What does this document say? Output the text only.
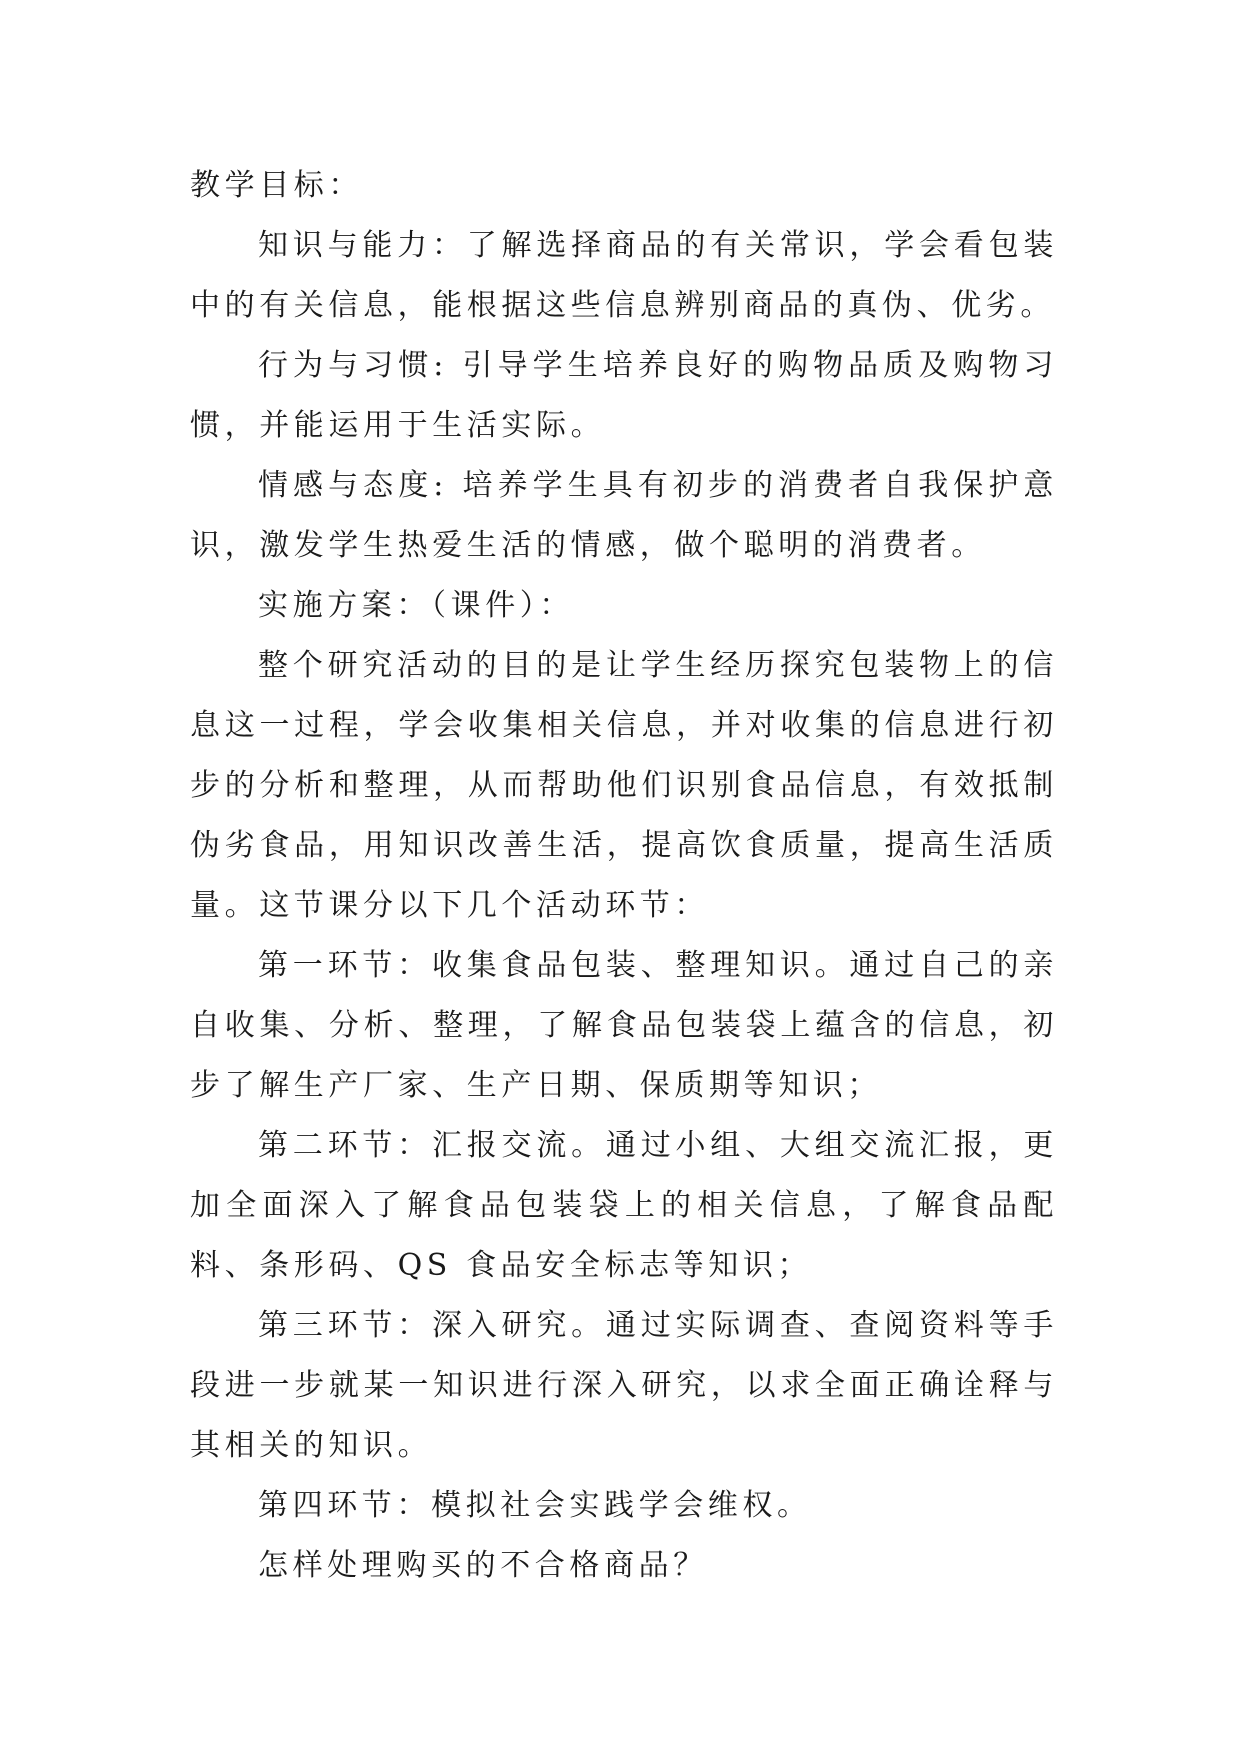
教学目标：

知识与能力：了解选择商品的有关常识，学会看包装中的有关信息，能根据这些信息辨别商品的真伪、优劣。

行为与习惯: 引导学生培养良好的购物品质及购物习惯，并能运用于生活实际。

情感与态度: 培养学生具有初步的消费者自我保护意识，激发学生热爱生活的情感，做个聪明的消费者。

实施方案：（课件）：

整个研究活动的目的是让学生经历探究包装物上的信息这一过程，学会收集相关信息，并对收集的信息进行初步的分析和整理，从而帮助他们识别食品信息，有效抵制伪劣食品，用知识改善生活，提高饮食质量，提高生活质量。这节课分以下几个活动环节：

第一环节：收集食品包装、整理知识。通过自己的亲自收集、分析、整理，了解食品包装袋上蕴含的信息，初步了解生产厂家、生产日期、保质期等知识；

第二环节：汇报交流。通过小组、大组交流汇报，更加全面深入了解食品包装袋上的相关信息，了解食品配料、条形码、QS 食品安全标志等知识；

第三环节：深入研究。通过实际调查、查阅资料等手段进一步就某一知识进行深入研究，以求全面正确诠释与其相关的知识。

第四环节：模拟社会实践学会维权。

怎样处理购买的不合格商品？
